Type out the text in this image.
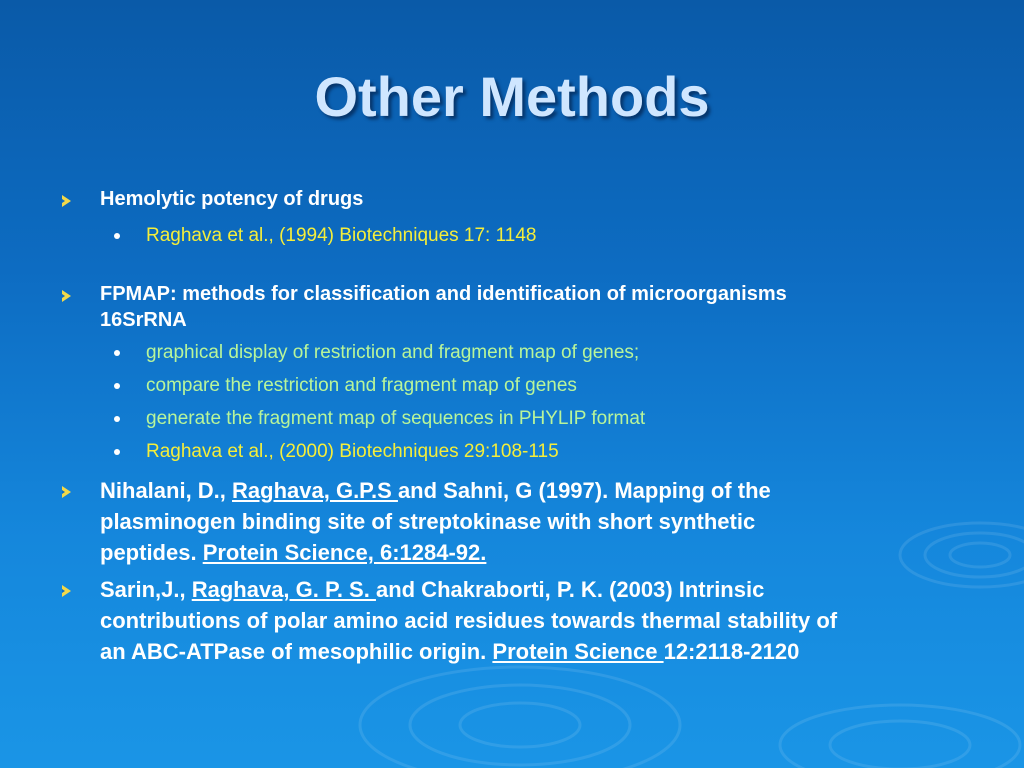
Other Methods
Hemolytic potency of drugs
Raghava et al., (1994) Biotechniques 17: 1148
FPMAP: methods for classification and identification of microorganisms
16SrRNA
graphical display of restriction and fragment map of genes;
compare the restriction and fragment map of genes
generate the fragment map of sequences in PHYLIP format
Raghava et al., (2000) Biotechniques 29:108-115
Nihalani, D., Raghava, G.P.S and Sahni, G (1997). Mapping of the
plasminogen binding site of streptokinase with short synthetic
peptides. Protein Science, 6:1284-92.
Sarin,J., Raghava, G. P. S. and Chakraborti, P. K. (2003) Intrinsic
contributions of polar amino acid residues towards thermal stability of
an ABC-ATPase of mesophilic origin. Protein Science 12:2118-2120
